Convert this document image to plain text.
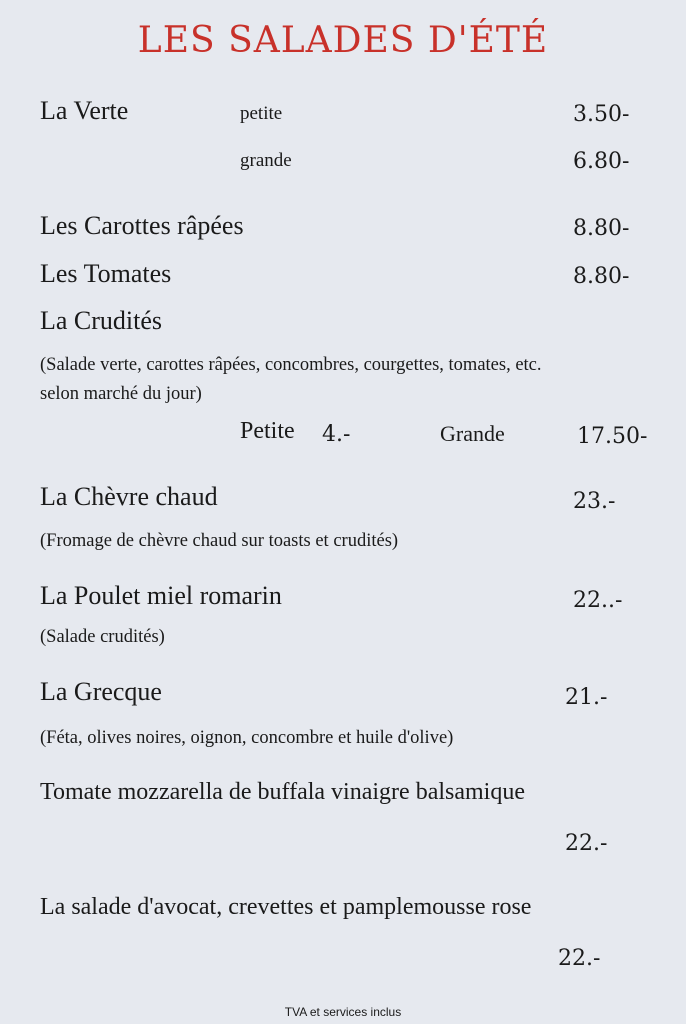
LES SALADES D'ÉTÉ
La Verte	petite	3.50-
grande	6.80-
Les Carottes râpées	8.80-
Les Tomates	8.80-
La Crudités
(Salade verte, carottes râpées, concombres, courgettes, tomates, etc.
selon marché du jour)
Petite 4.-	Grande	17.50-
La Chèvre chaud	23.-
(Fromage de chèvre chaud sur toasts et crudités)
La Poulet miel romarin	22..-
(Salade crudités)
La Grecque	21.-
(Féta, olives noires, oignon, concombre et huile d'olive)
Tomate mozzarella de buffala vinaigre balsamique
22.-
La salade d'avocat, crevettes et pamplemousse rose
22.-
TVA et services inclus
